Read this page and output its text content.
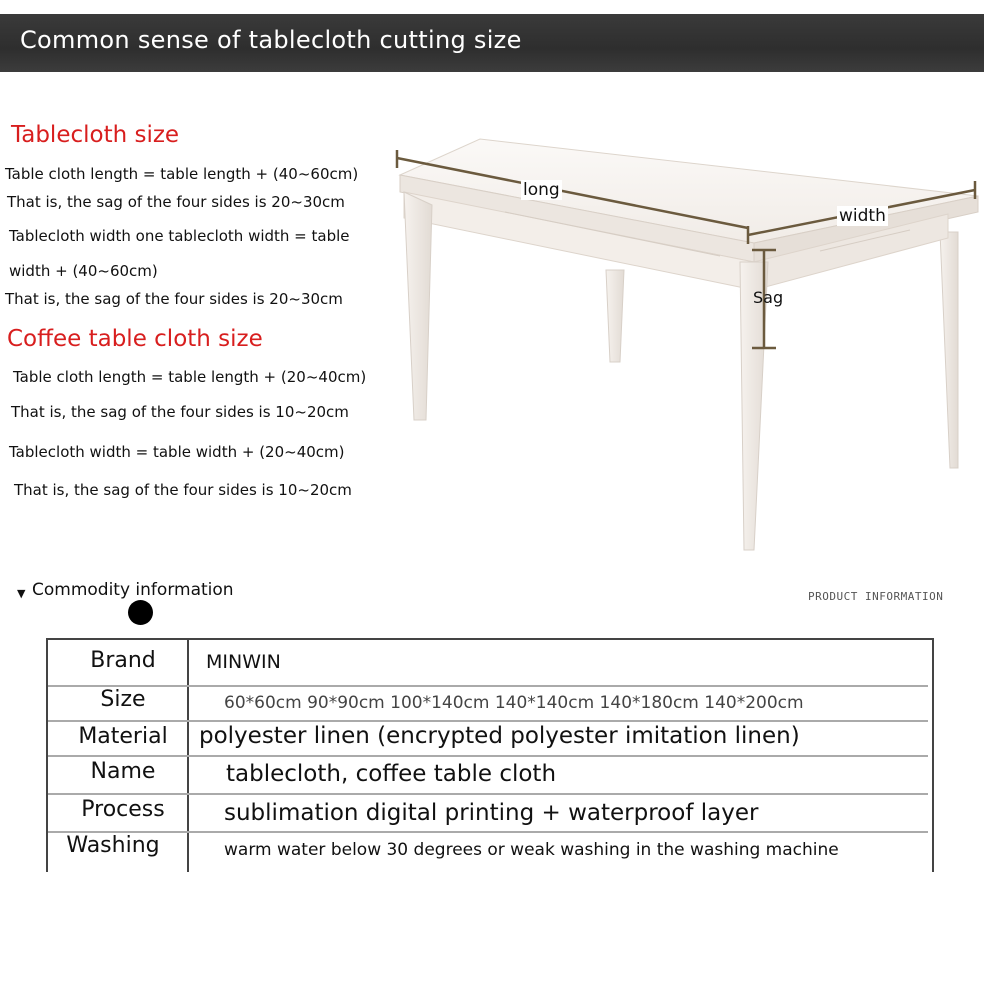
Common sense of tablecloth cutting size
Tablecloth size
Table cloth length = table length + (40~60cm)
That is, the sag of the four sides is 20~30cm
Tablecloth width one tablecloth width = table
width + (40~60cm)
That is, the sag of the four sides is 20~30cm
Coffee table cloth size
Table cloth length = table length + (20~40cm)
That is, the sag of the four sides is 10~20cm
Tablecloth width = table width + (20~40cm)
That is, the sag of the four sides is 10~20cm
long
width
Sag
▼ Commodity information	PRODUCT INFORMATION
Brand	MINWIN
Size	60*60cm 90*90cm 100*140cm 140*140cm 140*180cm 140*200cm
Material	polyester linen (encrypted polyester imitation linen)
Name	tablecloth, coffee table cloth
Process	sublimation digital printing + waterproof layer
Washing	warm water below 30 degrees or weak washing in the washing machine
